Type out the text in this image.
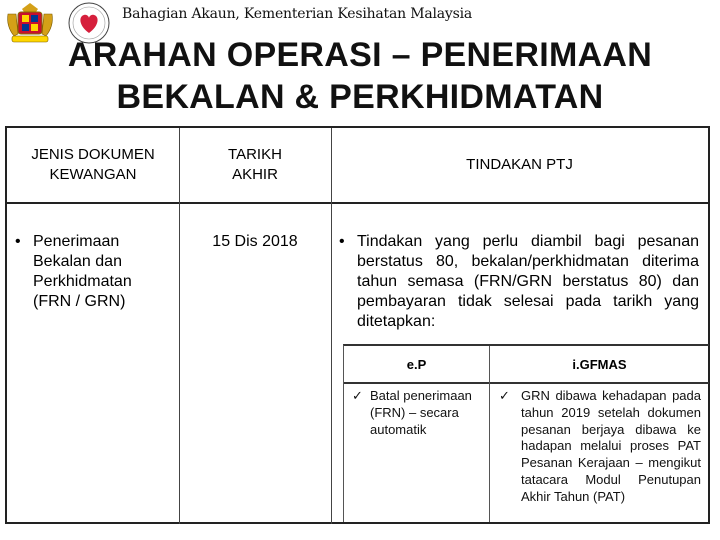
Bahagian Akaun, Kementerian Kesihatan Malaysia
ARAHAN OPERASI – PENERIMAAN
BEKALAN & PERKHIDMATAN
JENIS DOKUMEN KEWANGAN
TARIKH AKHIR
TINDAKAN PTJ
• Penerimaan Bekalan dan Perkhidmatan (FRN / GRN)
15 Dis 2018
•	Tindakan yang perlu diambil bagi pesanan berstatus 80, bekalan/perkhidmatan diterima tahun semasa (FRN/GRN berstatus 80) dan pembayaran tidak selesai pada tarikh yang ditetapkan:
e.P	i.GFMAS
✓ Batal penerimaan (FRN) – secara automatik
✓ GRN dibawa kehadapan pada tahun 2019 setelah dokumen pesanan berjaya dibawa ke hadapan melalui proses PAT Pesanan Kerajaan – mengikut tatacara Modul Penutupan Akhir Tahun (PAT)
